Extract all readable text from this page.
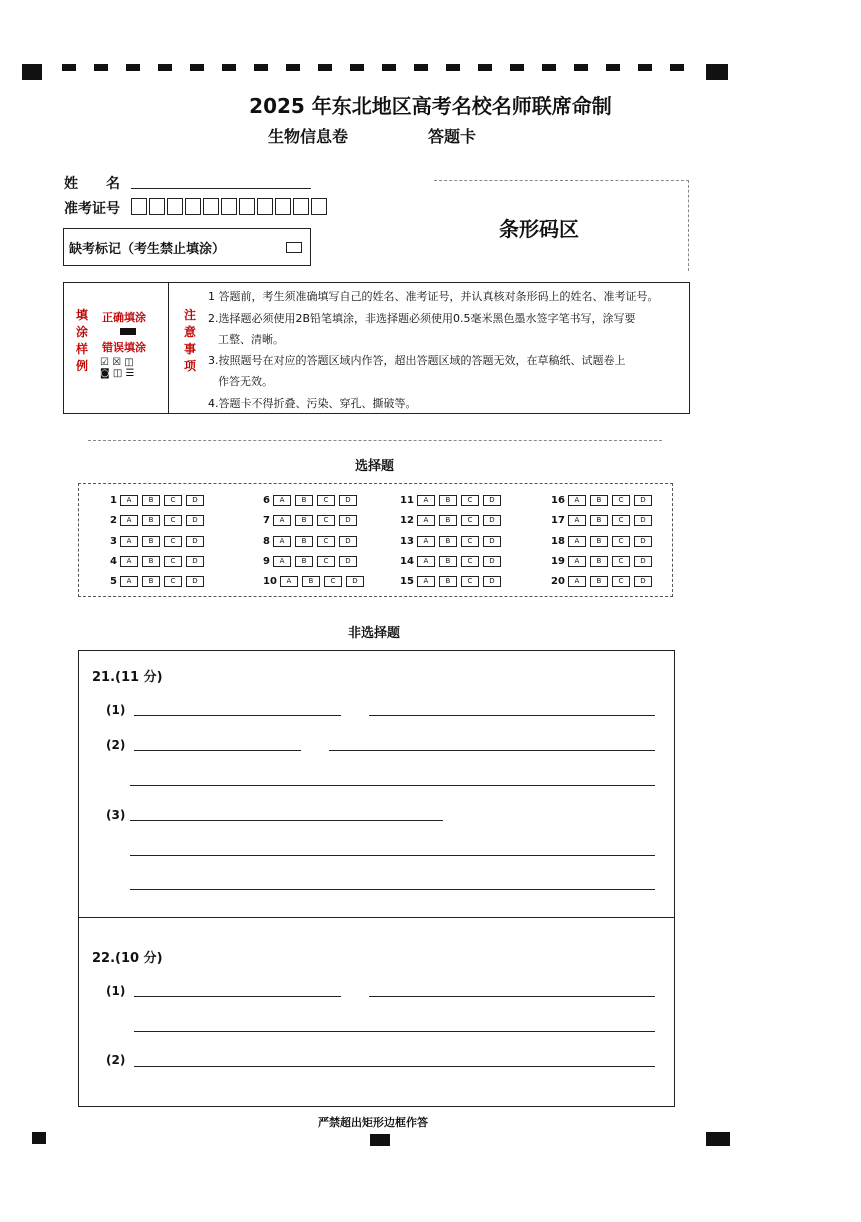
2025 年东北地区高考名校名师联席命制
生物信息卷	答题卡
姓　　名
准考证号
缺考标记（考生禁止填涂）
条形码区
填
涂
样
例
正确填涂
错误填涂
☑ ☒ ◫
◙ ◫ ☰
注
意
事
项
1 答题前，考生须准确填写自己的姓名、准考证号，并认真核对条形码上的姓名、准考证号。
2.选择题必须使用2B铅笔填涂，非选择题必须使用0.5毫米黑色墨水签字笔书写，涂写要
工整、清晰。
3.按照题号在对应的答题区域内作答，超出答题区域的答题无效，在草稿纸、试题卷上
作答无效。
4.答题卡不得折叠、污染、穿孔、撕破等。
选择题
1	A	B	C	D
2	A	B	C	D
3	A	B	C	D
4	A	B	C	D
5	A	B	C	D
6	A	B	C	D
7	A	B	C	D
8	A	B	C	D
9	A	B	C	D
10	A	B	C	D
11	A	B	C	D
12	A	B	C	D
13	A	B	C	D
14	A	B	C	D
15	A	B	C	D
16	A	B	C	D
17	A	B	C	D
18	A	B	C	D
19	A	B	C	D
20	A	B	C	D
非选择题
21.(11 分)
(1)
(2)
(3)
22.(10 分)
(1)
(2)
严禁超出矩形边框作答
